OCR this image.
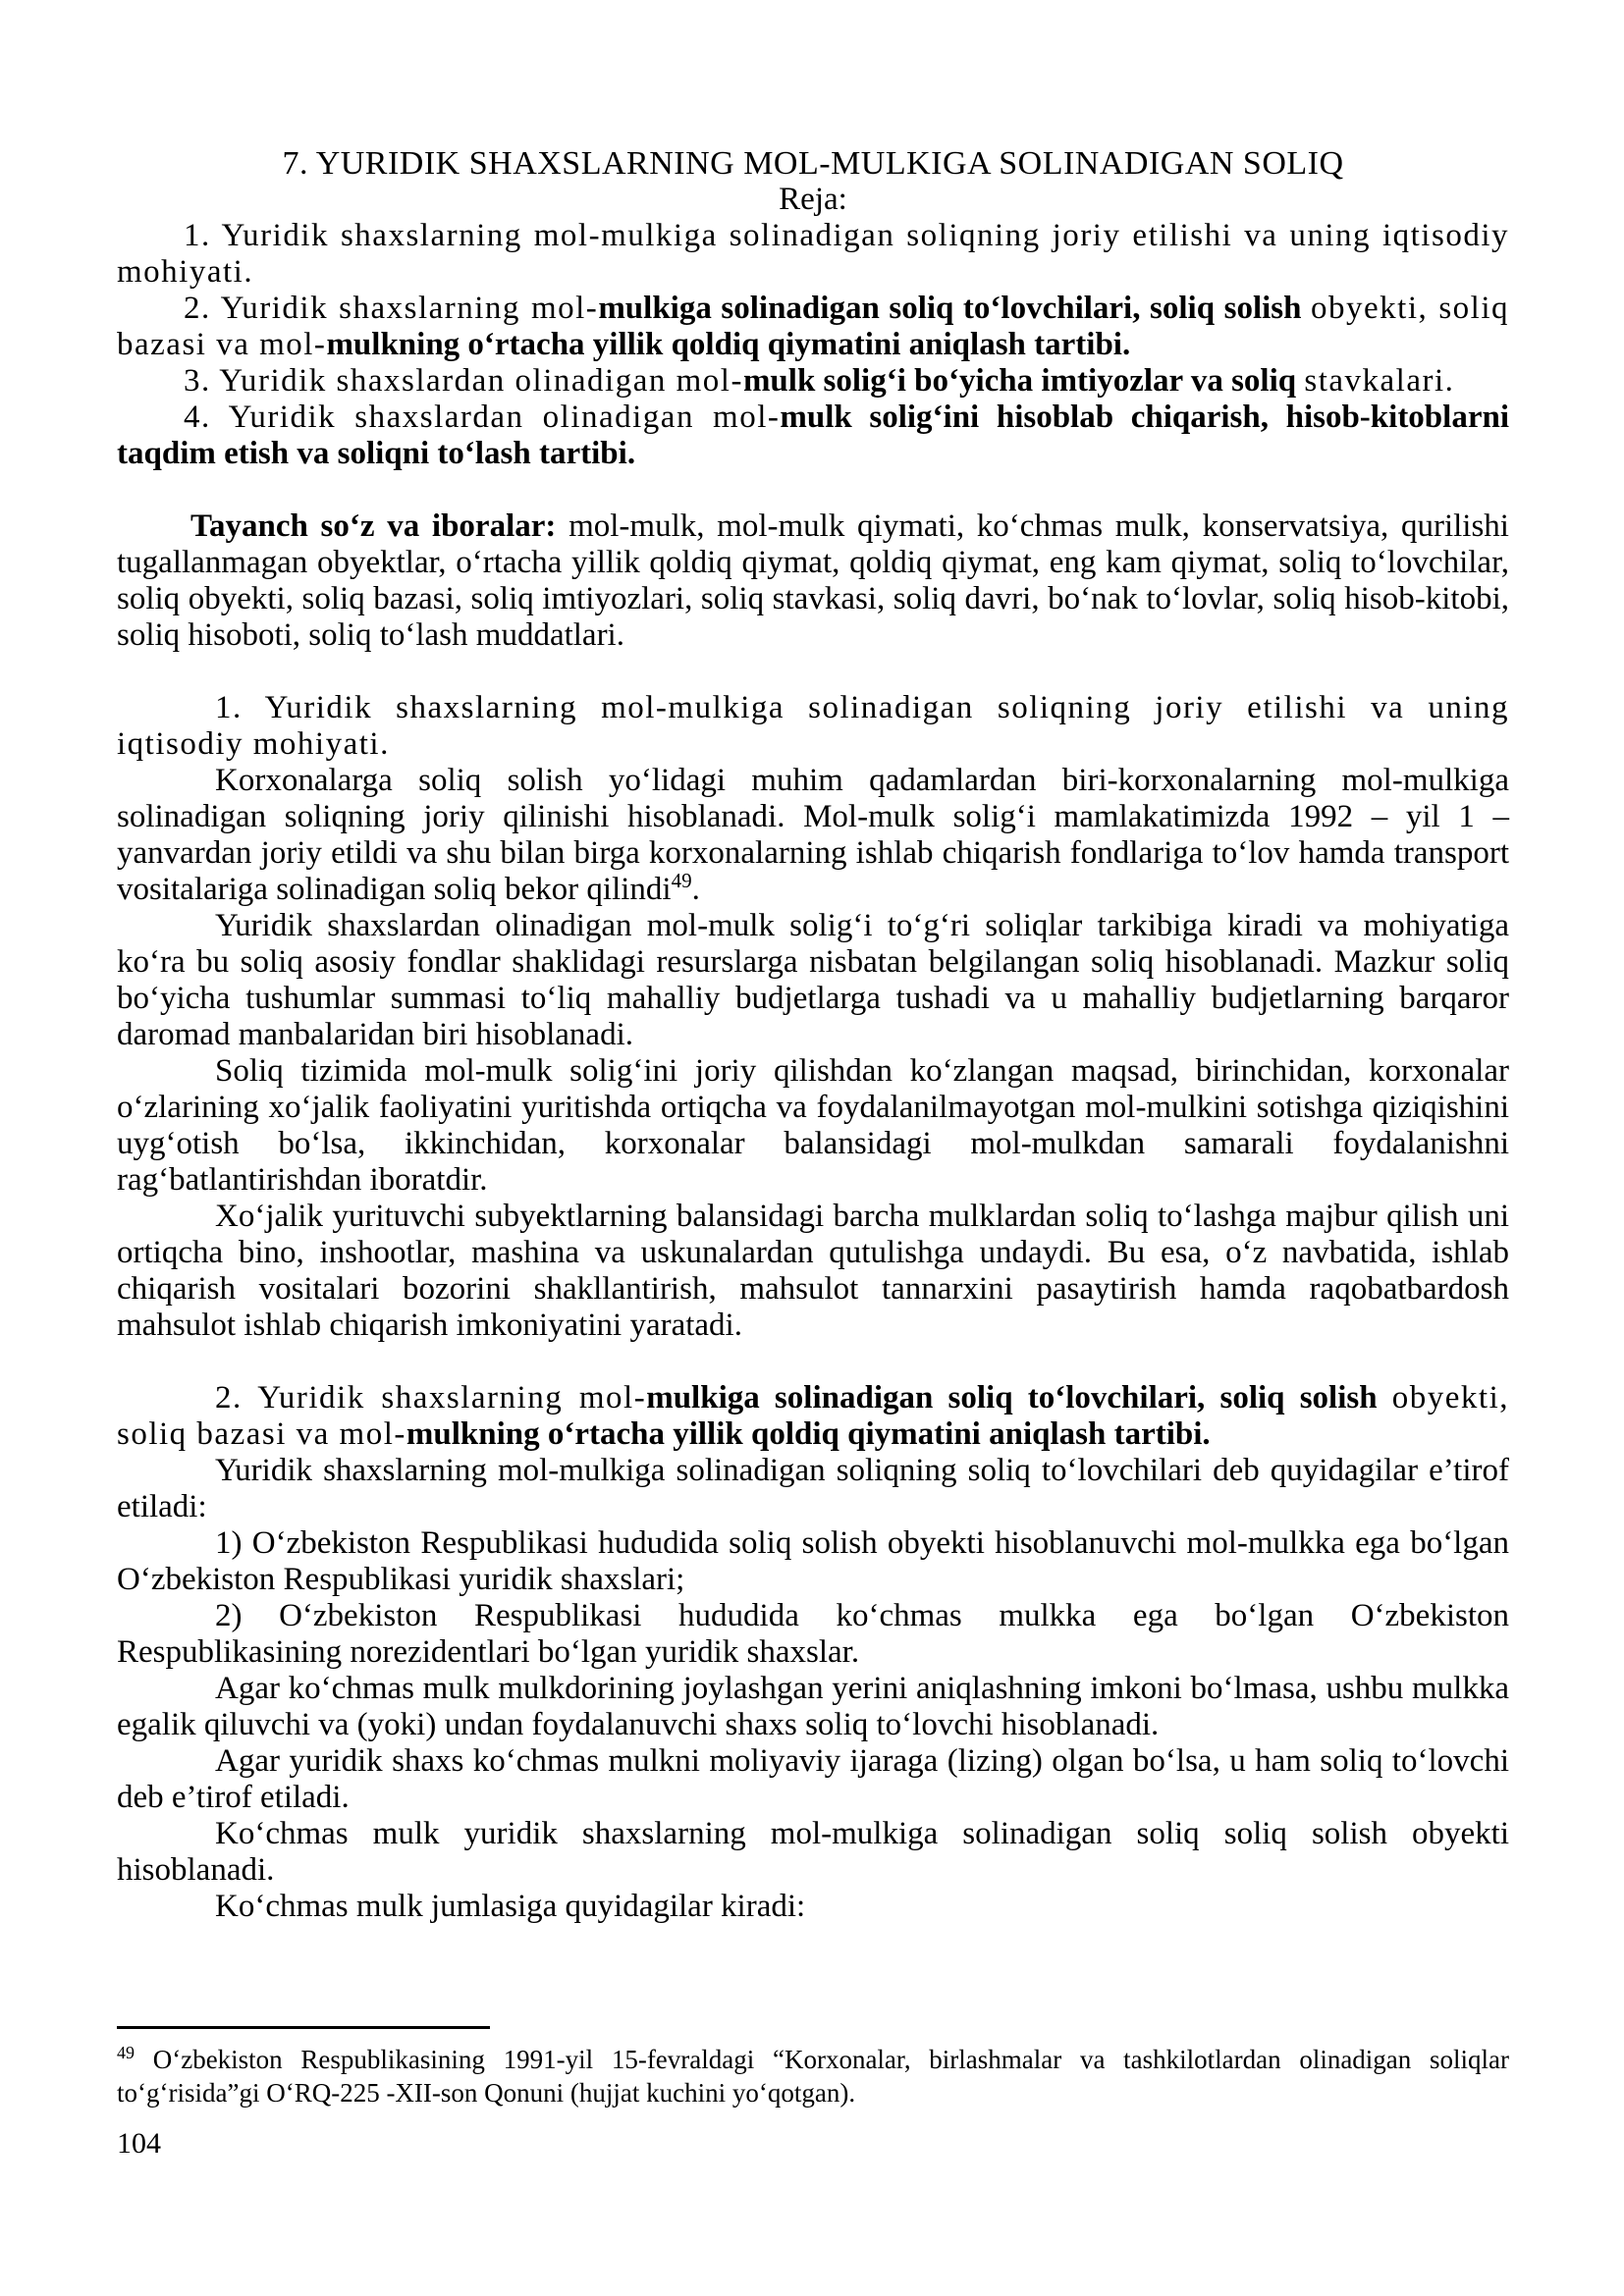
7. YURIDIK SHAXSLARNING MOL-MULKIGA SOLINADIGAN SOLIQ

Reja:

1. Yuridik shaxslarning mol-mulkiga solinadigan soliqning joriy etilishi va uning iqtisodiy mohiyati.

2. Yuridik shaxslarning mol-mulkiga solinadigan soliq to‘lovchilari, soliq solish obyekti, soliq bazasi va mol-mulkning o‘rtacha yillik qoldiq qiymatini aniqlash tartibi.

3. Yuridik shaxslardan olinadigan mol-mulk solig‘i bo‘yicha imtiyozlar va soliq stavkalari.

4. Yuridik shaxslardan olinadigan mol-mulk solig‘ini hisoblab chiqarish, hisob-kitoblarni taqdim etish va soliqni to‘lash tartibi.

Tayanch so‘z va iboralar: mol-mulk, mol-mulk qiymati, ko‘chmas mulk, konservatsiya, qurilishi tugallanmagan obyektlar, o‘rtacha yillik qoldiq qiymat, qoldiq qiymat, eng kam qiymat, soliq to‘lovchilar, soliq obyekti, soliq bazasi, soliq imtiyozlari, soliq stavkasi, soliq davri, bo‘nak to‘lovlar, soliq hisob-kitobi, soliq hisoboti, soliq to‘lash muddatlari.

1. Yuridik shaxslarning mol-mulkiga solinadigan soliqning joriy etilishi va uning iqtisodiy mohiyati.

Korxonalarga soliq solish yo‘lidagi muhim qadamlardan biri-korxonalarning mol-mulkiga solinadigan soliqning joriy qilinishi hisoblanadi. Mol-mulk solig‘i mamlakatimizda 1992 – yil 1 – yanvardan joriy etildi va shu bilan birga korxonalarning ishlab chiqarish fondlariga to‘lov hamda transport vositalariga solinadigan soliq bekor qilindi$^{49}$.

Yuridik shaxslardan olinadigan mol-mulk solig‘i to‘g‘ri soliqlar tarkibiga kiradi va mohiyatiga ko‘ra bu soliq asosiy fondlar shaklidagi resurslarga nisbatan belgilangan soliq hisoblanadi. Mazkur soliq bo‘yicha tushumlar summasi to‘liq mahalliy budjetlarga tushadi va u mahalliy budjetlarning barqaror daromad manbalaridan biri hisoblanadi.

Soliq tizimida mol-mulk solig‘ini joriy qilishdan ko‘zlangan maqsad, birinchidan, korxonalar o‘zlarining xo‘jalik faoliyatini yuritishda ortiqcha va foydalanilmayotgan mol-mulkini sotishga qiziqishini uyg‘otish bo‘lsa, ikkinchidan, korxonalar balansidagi mol-mulkdan samarali foydalanishni rag‘batlantirishdan iboratdir.

Xo‘jalik yurituvchi subyektlarning balansidagi barcha mulklardan soliq to‘lashga majbur qilish uni ortiqcha bino, inshootlar, mashina va uskunalardan qutulishga undaydi. Bu esa, o‘z navbatida, ishlab chiqarish vositalari bozorini shakllantirish, mahsulot tannarxini pasaytirish hamda raqobatbardosh mahsulot ishlab chiqarish imkoniyatini yaratadi.

2. Yuridik shaxslarning mol-mulkiga solinadigan soliq to‘lovchilari, soliq solish obyekti, soliq bazasi va mol-mulkning o‘rtacha yillik qoldiq qiymatini aniqlash tartibi.

Yuridik shaxslarning mol-mulkiga solinadigan soliqning soliq to‘lovchilari deb quyidagilar e’tirof etiladi:

1) O‘zbekiston Respublikasi hududida soliq solish obyekti hisoblanuvchi mol-mulkka ega bo‘lgan O‘zbekiston Respublikasi yuridik shaxslari;

2) O‘zbekiston Respublikasi hududida ko‘chmas mulkka ega bo‘lgan O‘zbekiston Respublikasining norezidentlari bo‘lgan yuridik shaxslar.

Agar ko‘chmas mulk mulkdorining joylashgan yerini aniqlashning imkoni bo‘lmasa, ushbu mulkka egalik qiluvchi va (yoki) undan foydalanuvchi shaxs soliq to‘lovchi hisoblanadi.

Agar yuridik shaxs ko‘chmas mulkni moliyaviy ijaraga (lizing) olgan bo‘lsa, u ham soliq to‘lovchi deb e’tirof etiladi.

Ko‘chmas mulk yuridik shaxslarning mol-mulkiga solinadigan soliq soliq solish obyekti hisoblanadi.

Ko‘chmas mulk jumlasiga quyidagilar kiradi:

$^{49}$ O‘zbekiston Respublikasining 1991-yil 15-fevraldagi “Korxonalar, birlashmalar va tashkilotlardan olinadigan soliqlar to‘g‘risida”gi O‘RQ-225 -XII-son Qonuni (hujjat kuchini yo‘qotgan).

104
